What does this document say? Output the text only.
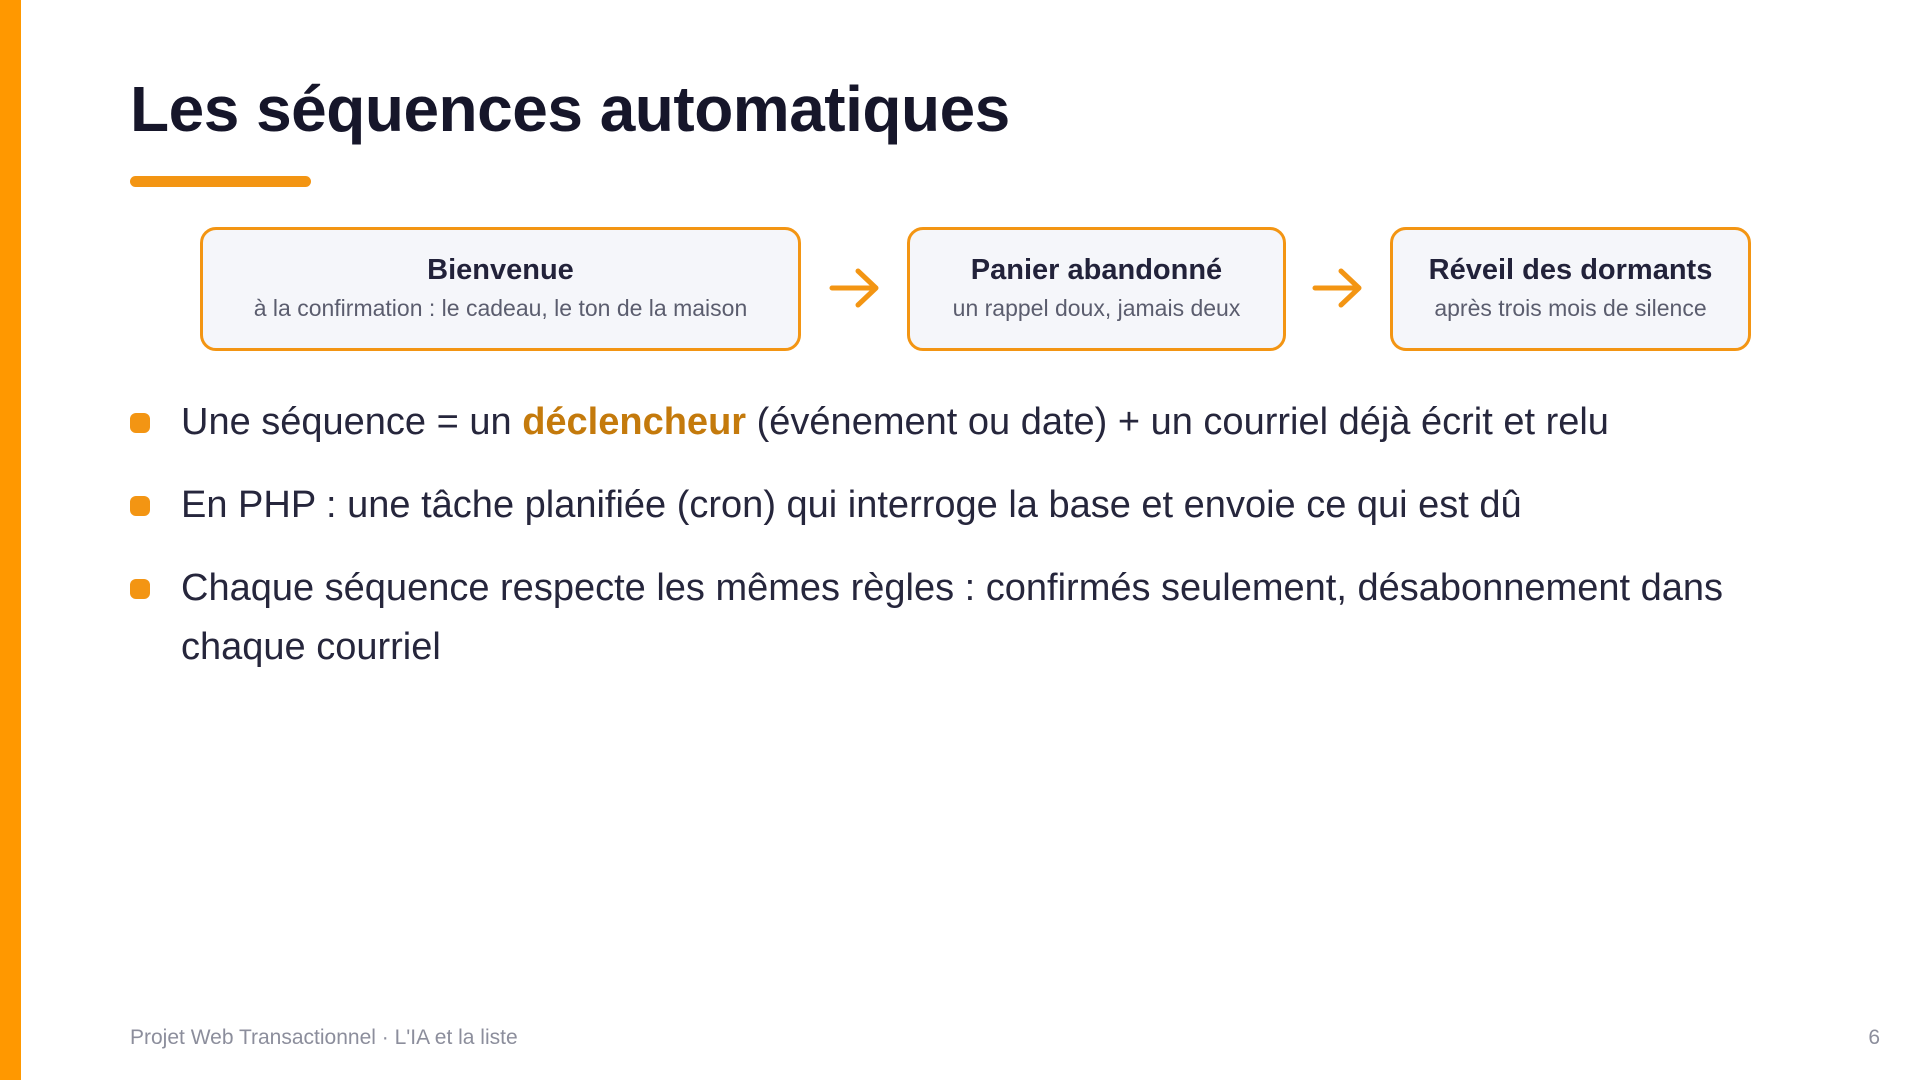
Les séquences automatiques
Bienvenue
à la confirmation : le cadeau, le ton de la maison
Panier abandonné
un rappel doux, jamais deux
Réveil des dormants
après trois mois de silence
Une séquence = un déclencheur (événement ou date) + un courriel déjà écrit et relu
En PHP : une tâche planifiée (cron) qui interroge la base et envoie ce qui est dû
Chaque séquence respecte les mêmes règles : confirmés seulement, désabonnement dans chaque courriel
Projet Web Transactionnel · L'IA et la liste	6
